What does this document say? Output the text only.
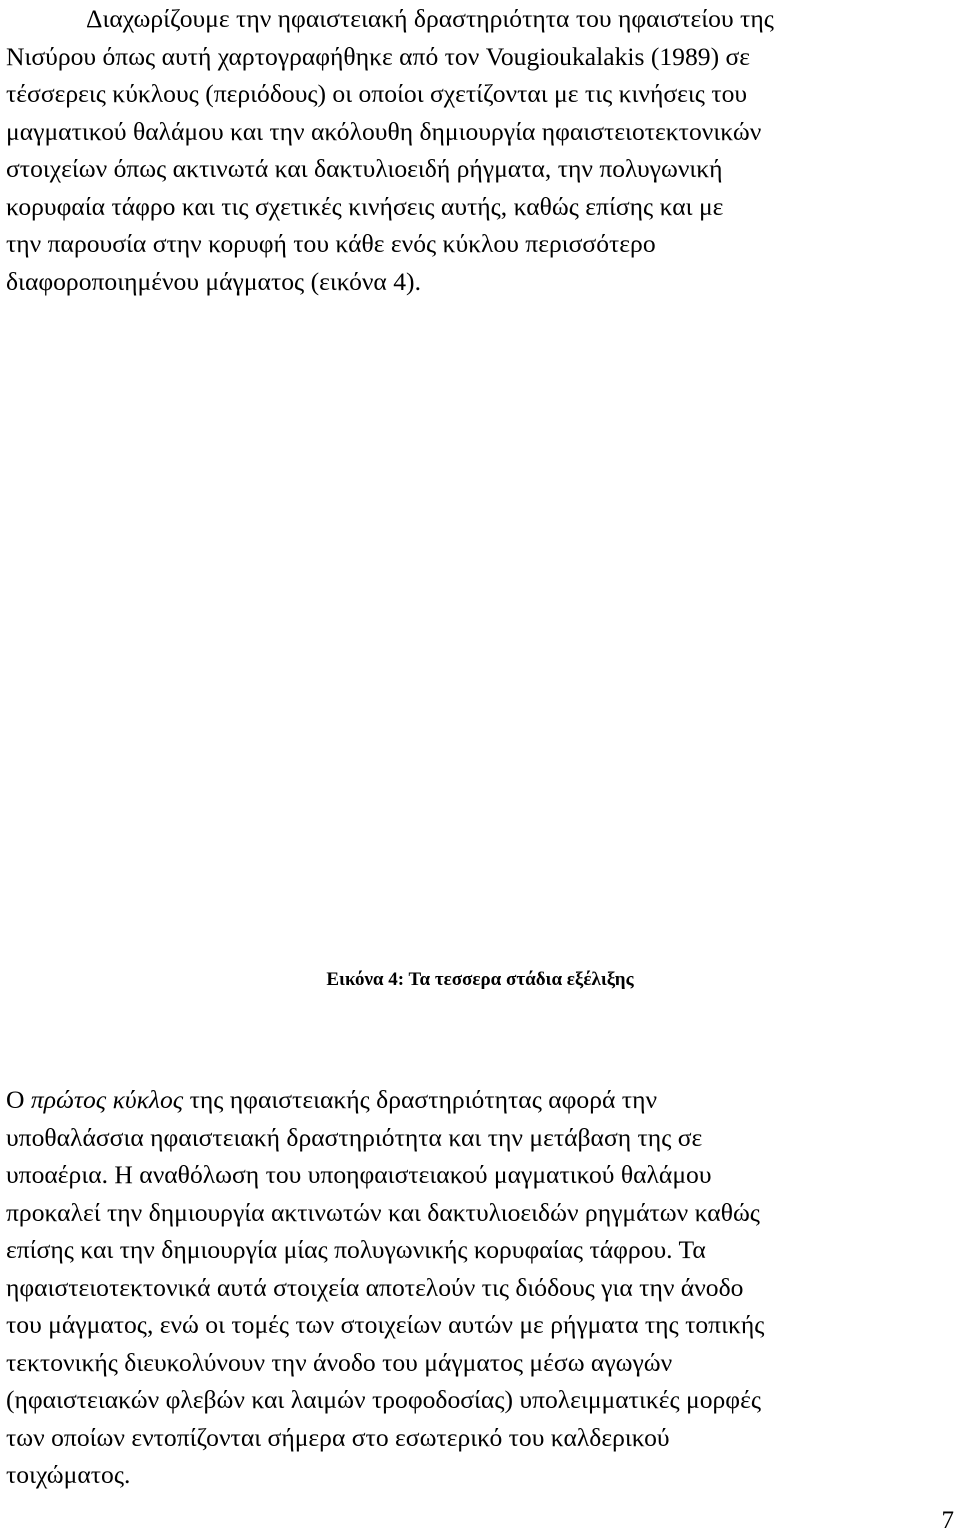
Διαχωρίζουμε την ηφαιστειακή δραστηριότητα του ηφαιστείου της
Νισύρου όπως αυτή χαρτογραφήθηκε από τον Vougioukalakis (1989) σε
τέσσερεις κύκλους (περιόδους) οι οποίοι σχετίζονται με τις κινήσεις του
μαγματικού θαλάμου και την ακόλουθη δημιουργία ηφαιστειοτεκτονικών
στοιχείων όπως ακτινωτά και δακτυλιοειδή ρήγματα, την πολυγωνική
κορυφαία τάφρο και τις σχετικές κινήσεις αυτής, καθώς επίσης και με
την παρουσία στην κορυφή του κάθε ενός κύκλου περισσότερο
διαφοροποιημένου μάγματος (εικόνα 4).
Εικόνα 4: Τα τεσσερα στάδια εξέλιξης
Ο πρώτος κύκλος της ηφαιστειακής δραστηριότητας αφορά την
υποθαλάσσια ηφαιστειακή δραστηριότητα και την μετάβαση της σε
υποαέρια. Η αναθόλωση του υποηφαιστειακού μαγματικού θαλάμου
προκαλεί την δημιουργία ακτινωτών και δακτυλιοειδών ρηγμάτων καθώς
επίσης και την δημιουργία μίας πολυγωνικής κορυφαίας τάφρου. Τα
ηφαιστειοτεκτονικά αυτά στοιχεία αποτελούν τις διόδους για την άνοδο
του μάγματος, ενώ οι τομές των στοιχείων αυτών με ρήγματα της τοπικής
τεκτονικής διευκολύνουν την άνοδο του μάγματος μέσω αγωγών
(ηφαιστειακών φλεβών και λαιμών τροφοδοσίας) υπολειμματικές μορφές
των οποίων εντοπίζονται σήμερα στο εσωτερικό του καλδερικού
τοιχώματος.
7
